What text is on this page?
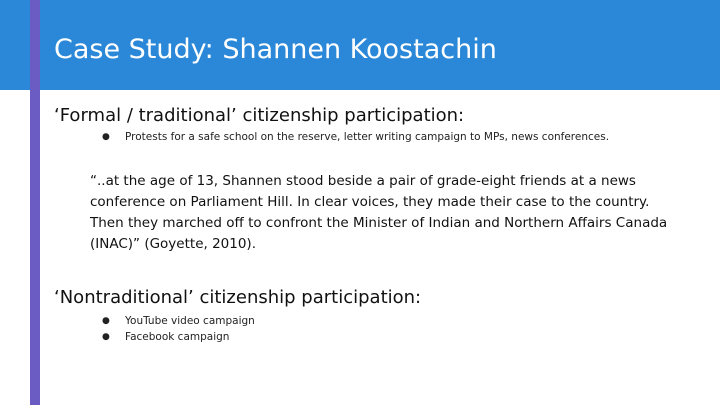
Case Study: Shannen Koostachin
‘Formal / traditional’ citizenship participation:
● Protests for a safe school on the reserve, letter writing campaign to MPs, news conferences.

“..at the age of 13, Shannen stood beside a pair of grade-eight friends at a news conference on Parliament Hill. In clear voices, they made their case to the country. Then they marched off to confront the Minister of Indian and Northern Affairs Canada (INAC)” (Goyette, 2010).

‘Nontraditional’ citizenship participation:
● YouTube video campaign
● Facebook campaign
